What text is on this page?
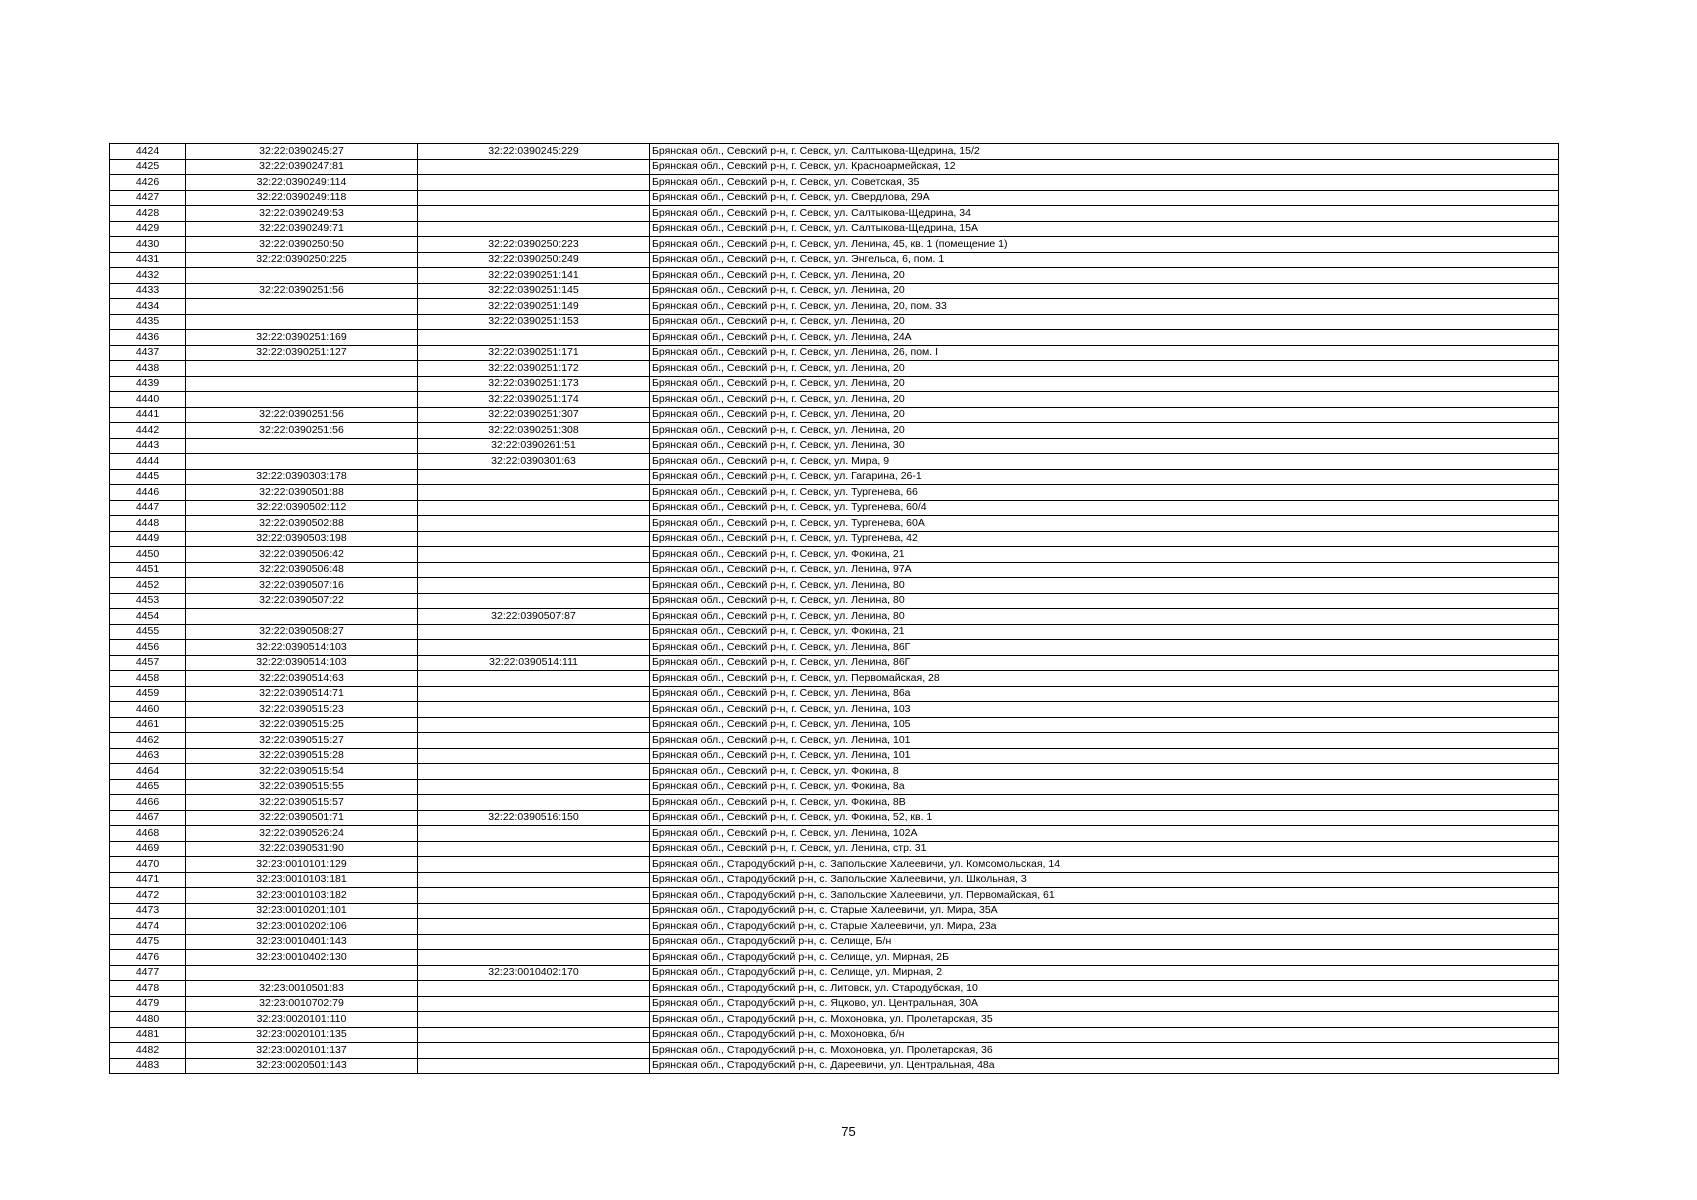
4424	32:22:0390245:27	32:22:0390245:229	Брянская обл., Севский р-н, г. Севск, ул. Салтыкова-Щедрина, 15/2
4425	32:22:0390247:81		Брянская обл., Севский р-н, г. Севск, ул. Красноармейская, 12
4426	32:22:0390249:114		Брянская обл., Севский р-н, г. Севск, ул. Советская, 35
4427	32:22:0390249:118		Брянская обл., Севский р-н, г. Севск, ул. Свердлова, 29А
4428	32:22:0390249:53		Брянская обл., Севский р-н, г. Севск, ул. Салтыкова-Щедрина, 34
4429	32:22:0390249:71		Брянская обл., Севский р-н, г. Севск, ул. Салтыкова-Щедрина, 15А
4430	32:22:0390250:50	32:22:0390250:223	Брянская обл., Севский р-н, г. Севск, ул. Ленина, 45, кв. 1 (помещение 1)
4431	32:22:0390250:225	32:22:0390250:249	Брянская обл., Севский р-н, г. Севск, ул. Энгельса, 6, пом. 1
4432		32:22:0390251:141	Брянская обл., Севский р-н, г. Севск, ул. Ленина, 20
4433	32:22:0390251:56	32:22:0390251:145	Брянская обл., Севский р-н, г. Севск, ул. Ленина, 20
4434		32:22:0390251:149	Брянская обл., Севский р-н, г. Севск, ул. Ленина, 20, пом. 33
4435		32:22:0390251:153	Брянская обл., Севский р-н, г. Севск, ул. Ленина, 20
4436	32:22:0390251:169		Брянская обл., Севский р-н, г. Севск, ул. Ленина, 24А
4437	32:22:0390251:127	32:22:0390251:171	Брянская обл., Севский р-н, г. Севск, ул. Ленина, 26, пом. I
4438		32:22:0390251:172	Брянская обл., Севский р-н, г. Севск, ул. Ленина, 20
4439		32:22:0390251:173	Брянская обл., Севский р-н, г. Севск, ул. Ленина, 20
4440		32:22:0390251:174	Брянская обл., Севский р-н, г. Севск, ул. Ленина, 20
4441	32:22:0390251:56	32:22:0390251:307	Брянская обл., Севский р-н, г. Севск, ул. Ленина, 20
4442	32:22:0390251:56	32:22:0390251:308	Брянская обл., Севский р-н, г. Севск, ул. Ленина, 20
4443		32:22:0390261:51	Брянская обл., Севский р-н, г. Севск, ул. Ленина, 30
4444		32:22:0390301:63	Брянская обл., Севский р-н, г. Севск, ул. Мира, 9
4445	32:22:0390303:178		Брянская обл., Севский р-н, г. Севск, ул. Гагарина, 26-1
4446	32:22:0390501:88		Брянская обл., Севский р-н, г. Севск, ул. Тургенева, 66
4447	32:22:0390502:112		Брянская обл., Севский р-н, г. Севск, ул. Тургенева, 60/4
4448	32:22:0390502:88		Брянская обл., Севский р-н, г. Севск, ул. Тургенева, 60А
4449	32:22:0390503:198		Брянская обл., Севский р-н, г. Севск, ул. Тургенева, 42
4450	32:22:0390506:42		Брянская обл., Севский р-н, г. Севск, ул. Фокина, 21
4451	32:22:0390506:48		Брянская обл., Севский р-н, г. Севск, ул. Ленина, 97А
4452	32:22:0390507:16		Брянская обл., Севский р-н, г. Севск, ул. Ленина, 80
4453	32:22:0390507:22		Брянская обл., Севский р-н, г. Севск, ул. Ленина, 80
4454		32:22:0390507:87	Брянская обл., Севский р-н, г. Севск, ул. Ленина, 80
4455	32:22:0390508:27		Брянская обл., Севский р-н, г. Севск, ул. Фокина, 21
4456	32:22:0390514:103		Брянская обл., Севский р-н, г. Севск, ул. Ленина, 86Г
4457	32:22:0390514:103	32:22:0390514:111	Брянская обл., Севский р-н, г. Севск, ул. Ленина, 86Г
4458	32:22:0390514:63		Брянская обл., Севский р-н, г. Севск, ул. Первомайская, 28
4459	32:22:0390514:71		Брянская обл., Севский р-н, г. Севск, ул. Ленина, 86а
4460	32:22:0390515:23		Брянская обл., Севский р-н, г. Севск, ул. Ленина, 103
4461	32:22:0390515:25		Брянская обл., Севский р-н, г. Севск, ул. Ленина, 105
4462	32:22:0390515:27		Брянская обл., Севский р-н, г. Севск, ул. Ленина, 101
4463	32:22:0390515:28		Брянская обл., Севский р-н, г. Севск, ул. Ленина, 101
4464	32:22:0390515:54		Брянская обл., Севский р-н, г. Севск, ул. Фокина, 8
4465	32:22:0390515:55		Брянская обл., Севский р-н, г. Севск, ул. Фокина, 8а
4466	32:22:0390515:57		Брянская обл., Севский р-н, г. Севск, ул. Фокина, 8В
4467	32:22:0390501:71	32:22:0390516:150	Брянская обл., Севский р-н, г. Севск, ул. Фокина, 52, кв. 1
4468	32:22:0390526:24		Брянская обл., Севский р-н, г. Севск, ул. Ленина, 102А
4469	32:22:0390531:90		Брянская обл., Севский р-н, г. Севск, ул. Ленина, стр. 31
4470	32:23:0010101:129		Брянская обл., Стародубский р-н, с. Запольские Халеевичи, ул. Комсомольская, 14
4471	32:23:0010103:181		Брянская обл., Стародубский р-н, с. Запольские Халеевичи, ул. Школьная, 3
4472	32:23:0010103:182		Брянская обл., Стародубский р-н, с. Запольские Халеевичи, ул. Первомайская, 61
4473	32:23:0010201:101		Брянская обл., Стародубский р-н, с. Старые Халеевичи, ул. Мира, 35А
4474	32:23:0010202:106		Брянская обл., Стародубский р-н, с. Старые Халеевичи, ул. Мира, 23а
4475	32:23:0010401:143		Брянская обл., Стародубский р-н, с. Селище, Б/н
4476	32:23:0010402:130		Брянская обл., Стародубский р-н, с. Селище, ул. Мирная, 2Б
4477		32:23:0010402:170	Брянская обл., Стародубский р-н, с. Селище, ул. Мирная, 2
4478	32:23:0010501:83		Брянская обл., Стародубский р-н, с. Литовск, ул. Стародубская, 10
4479	32:23:0010702:79		Брянская обл., Стародубский р-н, с. Яцково, ул. Центральная, 30А
4480	32:23:0020101:110		Брянская обл., Стародубский р-н, с. Мохоновка, ул. Пролетарская, 35
4481	32:23:0020101:135		Брянская обл., Стародубский р-н, с. Мохоновка, б/н
4482	32:23:0020101:137		Брянская обл., Стародубский р-н, с. Мохоновка, ул. Пролетарская, 36
4483	32:23:0020501:143		Брянская обл., Стародубский р-н, с. Дареевичи, ул. Центральная, 48а
75
